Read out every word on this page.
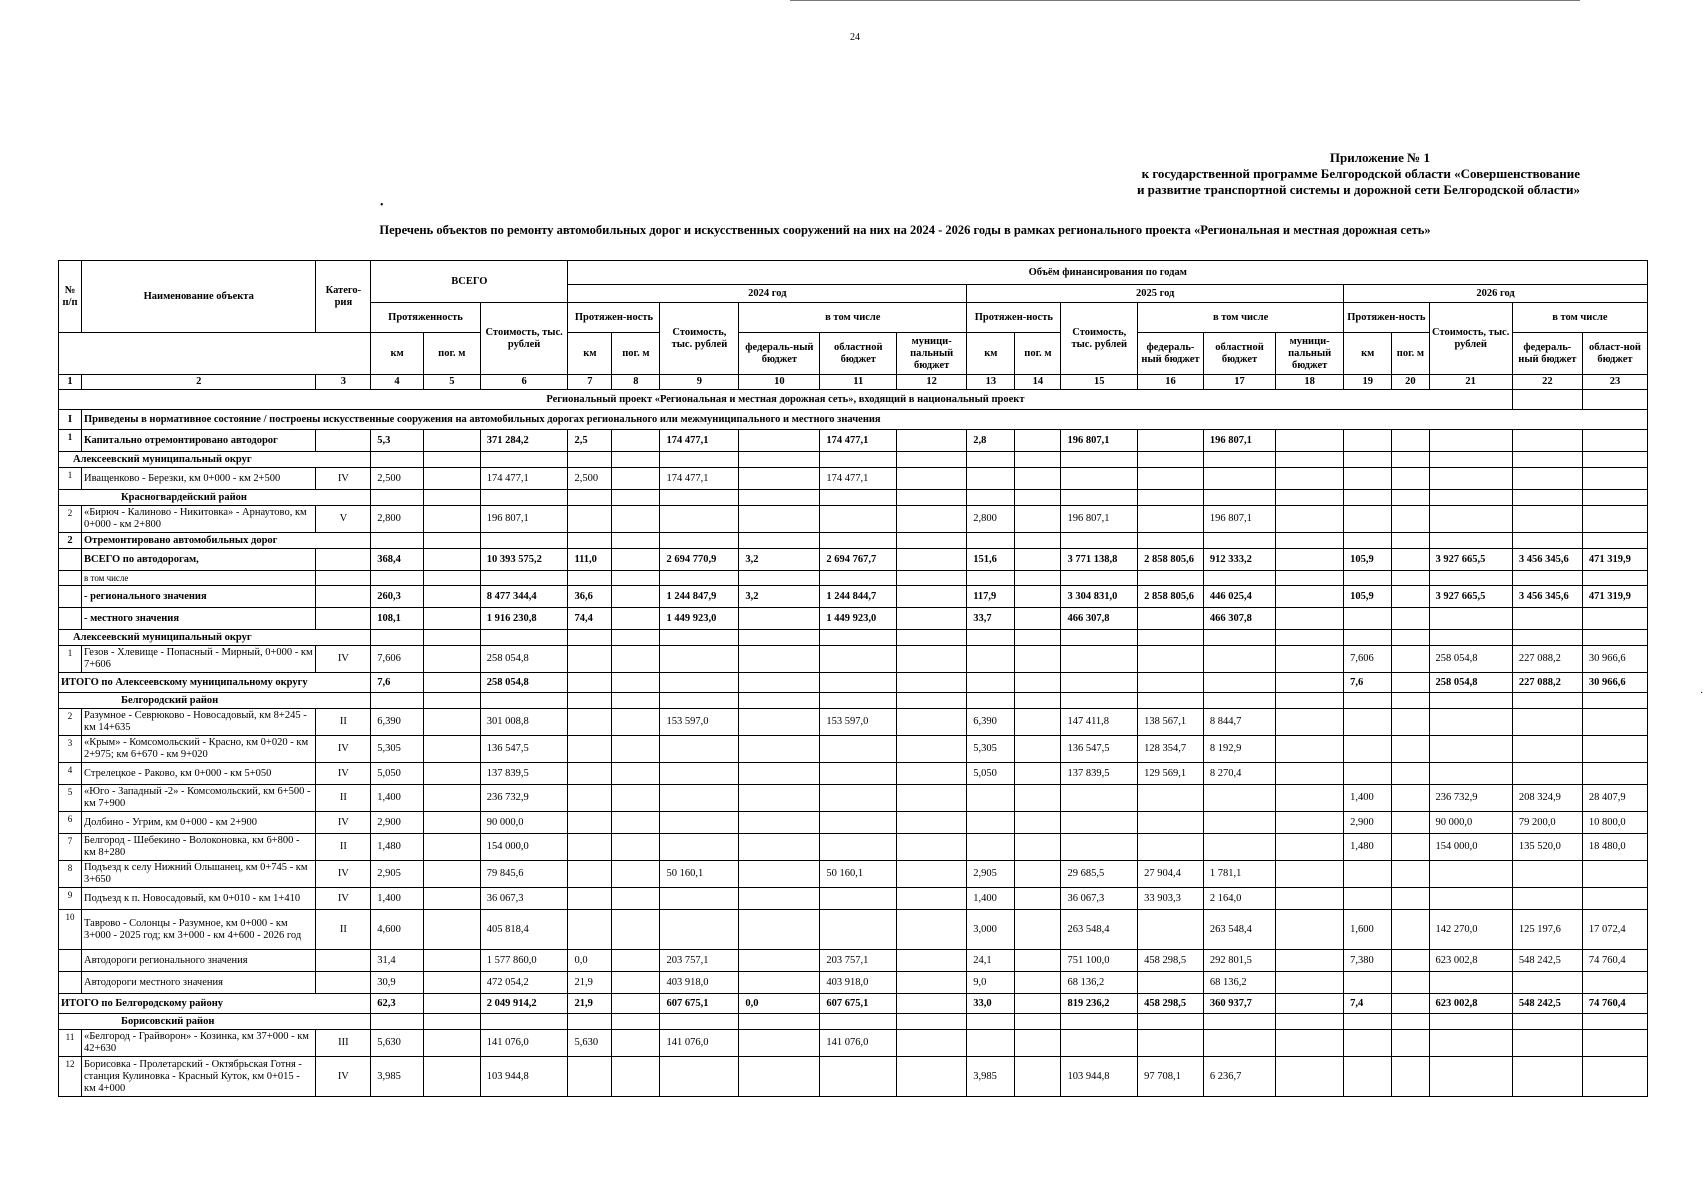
24
•
·
Приложение № 1
к государственной программе Белгородской области «Совершенствование
и развитие транспортной системы и дорожной сети Белгородской области»
Перечень объектов по ремонту автомобильных дорог и искусственных сооружений на них на 2024 - 2026 годы в рамках регионального проекта «Региональная и местная дорожная сеть»
№ п/п	Наименование объекта	Катего-рия	ВСЕГО			Объём финансирования по годам																
						2024 год						2025 год						2026 год				
			Протяженность		Стоимость, тыс. рублей	Протяжен-ность		Стоимость, тыс. рублей	в том числе			Протяжен-ность		Стоимость, тыс. рублей	в том числе			Протяжен-ность		Стоимость, тыс. рублей	в том числе	
			км	пог. м		км	пог. м		федераль-ный бюджет	областной бюджет	муници-пальный бюджет	км	пог. м		федераль-ный бюджет	областной бюджет	муници-пальный бюджет	км	пог. м		федераль-ный бюджет	област-ной бюджет
1	2	3	4	5	6	7	8	9	10	11	12	13	14	15	16	17	18	19	20	21	22	23
Региональный проект «Региональная и местная дорожная сеть», входящий в национальный проект																						
I	Приведены в нормативное состояние / построены искусственные сооружения на автомобильных дорогах регионального или межмуниципального и местного значения																					
1	Капитально отремонтировано автодорог		5,3		371 284,2	2,5		174 477,1		174 477,1		2,8		196 807,1		196 807,1						
Алексеевский муниципальный округ																						
1	Иващенково - Березки, км 0+000 - км 2+500	IV	2,500		174 477,1	2,500		174 477,1		174 477,1												
Красногвардейский район																						
2	«Бирюч - Калиново - Никитовка» - Арнаутово, км 0+000 - км 2+800	V	2,800		196 807,1							2,800		196 807,1		196 807,1						
2	Отремонтировано автомобильных дорог																					
	ВСЕГО по автодорогам,		368,4		10 393 575,2	111,0		2 694 770,9	3,2	2 694 767,7		151,6		3 771 138,8	2 858 805,6	912 333,2		105,9		3 927 665,5	3 456 345,6	471 319,9
	в том числе																					
	- регионального значения		260,3		8 477 344,4	36,6		1 244 847,9	3,2	1 244 844,7		117,9		3 304 831,0	2 858 805,6	446 025,4		105,9		3 927 665,5	3 456 345,6	471 319,9
	- местного значения		108,1		1 916 230,8	74,4		1 449 923,0		1 449 923,0		33,7		466 307,8		466 307,8						
Алексеевский муниципальный округ																						
1	Гезов - Хлевище - Попасный - Мирный, 0+000 - км 7+606	IV	7,606		258 054,8													7,606		258 054,8	227 088,2	30 966,6
ИТОГО по Алексеевскому муниципальному округу			7,6		258 054,8													7,6		258 054,8	227 088,2	30 966,6
Белгородский район																						
2	Разумное - Севрюково - Новосадовый, км 8+245 - км 14+635	II	6,390		301 008,8			153 597,0		153 597,0		6,390		147 411,8	138 567,1	8 844,7						
3	«Крым» - Комсомольский - Краснo, км 0+020 - км 2+975; км 6+670 - км 9+020	IV	5,305		136 547,5							5,305		136 547,5	128 354,7	8 192,9						
4	Стрелецкое - Раково, км 0+000 - км 5+050	IV	5,050		137 839,5							5,050		137 839,5	129 569,1	8 270,4						
5	«Юго - Западный -2» - Комсомольский, км 6+500 - км 7+900	II	1,400		236 732,9													1,400		236 732,9	208 324,9	28 407,9
6	Долбино - Угрим, км 0+000 - км 2+900	IV	2,900		90 000,0													2,900		90 000,0	79 200,0	10 800,0
7	Белгород - Шебекино - Волоконовка, км 6+800 - км 8+280	II	1,480		154 000,0													1,480		154 000,0	135 520,0	18 480,0
8	Подъезд к селу Нижний Ольшанец, км 0+745 - км 3+650	IV	2,905		79 845,6			50 160,1		50 160,1		2,905		29 685,5	27 904,4	1 781,1						
9	Подъезд к п. Новосадовый, км 0+010 - км 1+410	IV	1,400		36 067,3							1,400		36 067,3	33 903,3	2 164,0						
10	Таврово - Солонцы - Разумное, км 0+000 - км 3+000 - 2025 год; км 3+000 - км 4+600 - 2026 год	II	4,600		405 818,4							3,000		263 548,4		263 548,4		1,600		142 270,0	125 197,6	17 072,4
	Автодороги регионального значения		31,4		1 577 860,0	0,0		203 757,1		203 757,1		24,1		751 100,0	458 298,5	292 801,5		7,380		623 002,8	548 242,5	74 760,4
	Автодороги местного значения		30,9		472 054,2	21,9		403 918,0		403 918,0		9,0		68 136,2		68 136,2						
ИТОГО по Белгородскому району			62,3		2 049 914,2	21,9		607 675,1	0,0	607 675,1		33,0		819 236,2	458 298,5	360 937,7		7,4		623 002,8	548 242,5	74 760,4
Борисовский район																						
11	«Белгород - Грайворон» - Козинка, км 37+000 - км 42+630	III	5,630		141 076,0	5,630		141 076,0		141 076,0												
12	Борисовка - Пролетарский - Октябрьская Готня - станция Кулиновка - Красный Куток, км 0+015 - км 4+000	IV	3,985		103 944,8							3,985		103 944,8	97 708,1	6 236,7						
